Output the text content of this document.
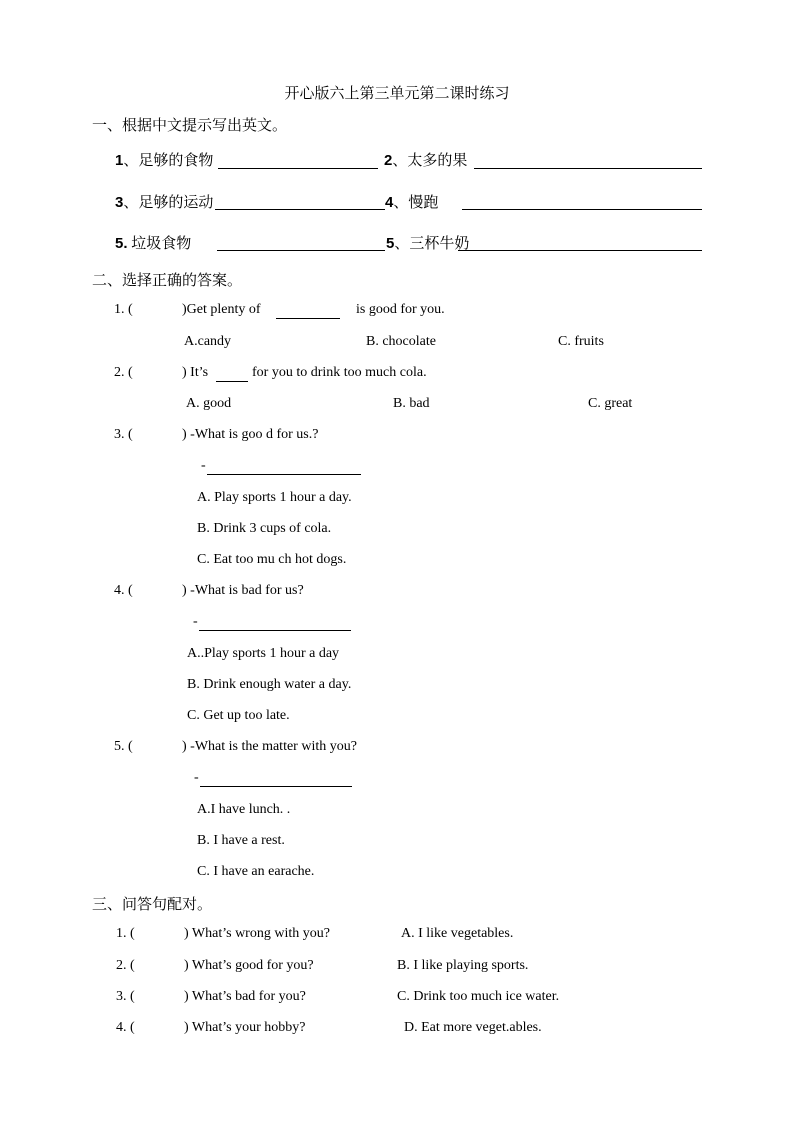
开心版六上第三单元第二课时练习
一、根据中文提示写出英文。
1、足够的食物	2、太多的果
3、足够的运动	4、慢跑
5. 垃圾食物	5、三杯牛奶
二、选择正确的答案。
1. (	)Get plenty of	is good for you.
A.candy	B. chocolate	C. fruits
2. (	) It’s	for you to drink too much cola.
A. good	B. bad	C. great
3. (	) -What is goo d for us.?
-
A. Play sports 1 hour a day.
B. Drink 3 cups of cola.
C. Eat too mu ch hot dogs.
4. (	) -What is bad for us?
-
A..Play sports 1 hour a day
B. Drink enough water a day.
C. Get up too late.
5. (	) -What is the matter with you?
-
A.I have lunch. .
B. I have a rest.
C. I have an earache.
三、问答句配对。
1. (	) What’s wrong with you?	A. I like vegetables.
2. (	) What’s good for you?	B. I like playing sports.
3. (	) What’s bad for you?	C. Drink too much ice water.
4. (	) What’s your hobby?	D. Eat more veget.ables.
